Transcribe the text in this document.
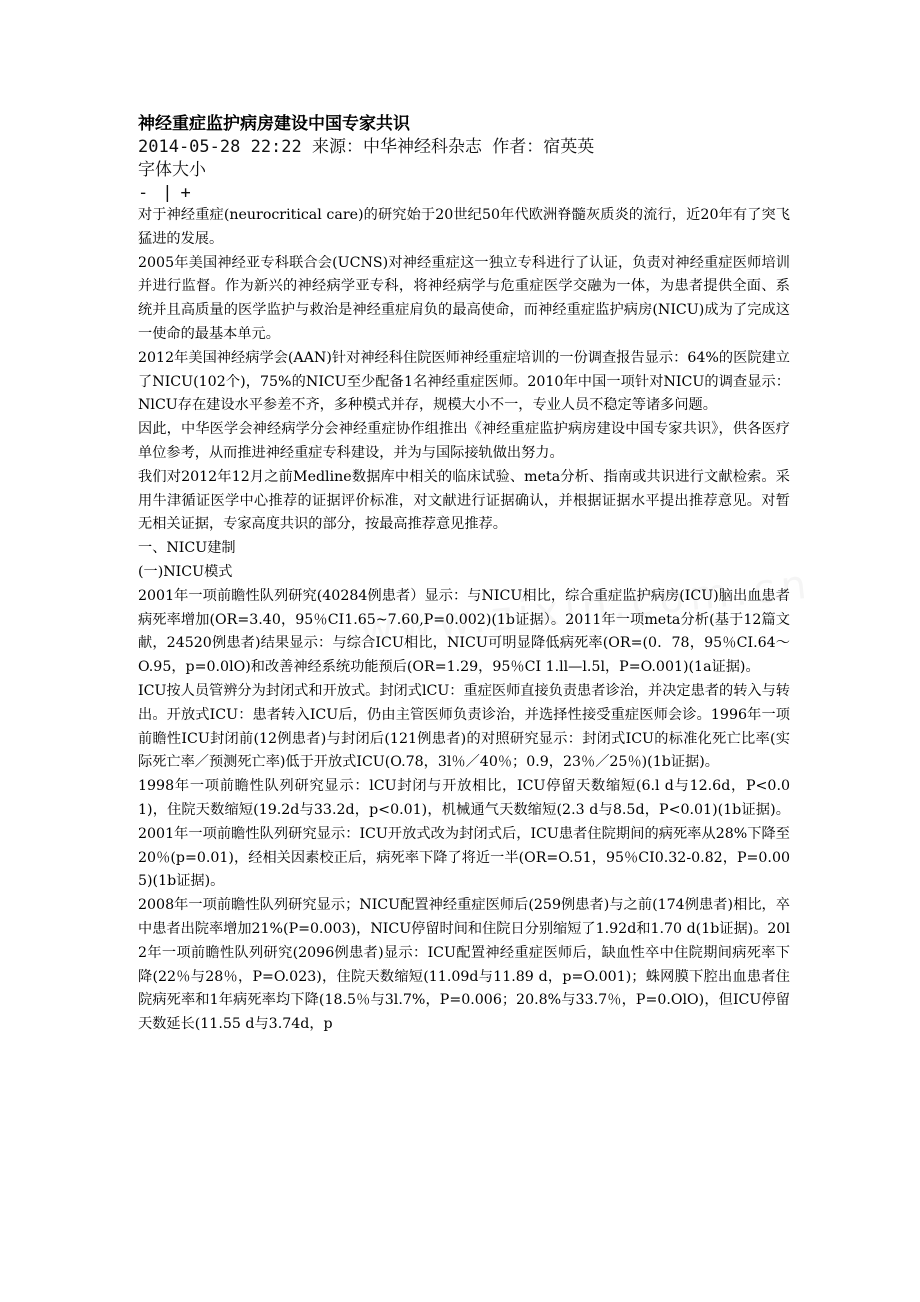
神经重症监护病房建设中国专家共识
2014-05-28 22:22 来源：中华神经科杂志 作者：宿英英
字体大小
- | +

对于神经重症(neurocritical care)的研究始于20世纪50年代欧洲脊髓灰质炎的流行，近20年有了突飞猛进的发展。

2005年美国神经亚专科联合会(UCNS)对神经重症这一独立专科进行了认证，负责对神经重症医师培训并进行监督。作为新兴的神经病学亚专科，将神经病学与危重症医学交融为一体，为患者提供全面、系统并且高质量的医学监护与救治是神经重症肩负的最高使命，而神经重症监护病房(NICU)成为了完成这一使命的最基本单元。

2012年美国神经病学会(AAN)针对神经科住院医师神经重症培训的一份调查报告显示：64%的医院建立了NICU(102个)，75%的NICU至少配备1名神经重症医师。2010年中国一项针对NICU的调查显示：NlCU存在建设水平参差不齐，多种模式并存，规模大小不一，专业人员不稳定等诸多问题。

因此，中华医学会神经病学分会神经重症协作组推出《神经重症监护病房建设中国专家共识》，供各医疗单位参考，从而推进神经重症专科建设，并为与国际接轨做出努力。

我们对2012年12月之前Medline数据库中相关的临床试验、meta分析、指南或共识进行文献检索。采用牛津循证医学中心推荐的证据评价标准，对文献进行证据确认，并根据证据水平提出推荐意见。对暂无相关证据，专家高度共识的部分，按最高推荐意见推荐。

一、NICU建制

(一)NICU模式

2001年一项前瞻性队列研究(40284例患者）显示：与NICU相比，综合重症监护病房(ICU)脑出血患者病死率增加(OR=3.40，95％CI1.65~7.60,P=0.002)(1b证据）。2011年一项meta分析(基于12篇文献，24520例患者)结果显示：与综合ICU相比，NICU可明显降低病死率(OR=(0．78，95％CI.64～O.95，p=0.0lO)和改善神经系统功能预后(OR=1.29，95％CI 1.ll—l.5l，P=O.001)(1a证据)。

ICU按人员管辨分为封闭式和开放式。封闭式lCU：重症医师直接负责患者诊治，并决定患者的转入与转出。开放式ICU：患者转入ICU后，仍由主管医师负责诊治，并选择性接受重症医师会诊。1996年一项前瞻性ICU封闭前(12例患者)与封闭后(121例患者)的对照研究显示：封闭式ICU的标准化死亡比率(实际死亡率／预测死亡率)低于开放式ICU(O.78，3l％／40％；0.9，23％／25％)(1b证据)。

1998年一项前瞻性队列研究显示：lCU封闭与开放相比，ICU停留天数缩短(6.l d与12.6d，P<0.01)，住院天数缩短(19.2d与33.2d，p<0.01)，机械通气天数缩短(2.3 d与8.5d，P<0.01)(1b证据)。2001年一项前瞻性队列研究显示：ICU开放式改为封闭式后，ICU患者住院期间的病死率从28%下降至20％(p=0.01)，经相关因素校正后，病死率下降了将近一半(OR=O.51，95％CI0.32-0.82，P=0.005)(1b证据)。

2008年一项前瞻性队列研究显示；NICU配置神经重症医师后(259例患者)与之前(174例患者)相比，卒中患者出院率增加21%(P=0.003)，NICU停留时间和住院日分别缩短了1.92d和1.70 d(1b证据)。20l2年一项前瞻性队列研究(2096例患者)显示：ICU配置神经重症医师后，缺血性卒中住院期间病死率下降(22％与28％，P=O.023)，住院天数缩短(11.09d与11.89 d，p=O.001)；蛛网膜下腔出血患者住院病死率和1年病死率均下降(18.5％与3l.7%，P=0.006；20.8%与33.7％，P=0.OlO)，但ICU停留天数延长(11.55 d与3.74d，p
